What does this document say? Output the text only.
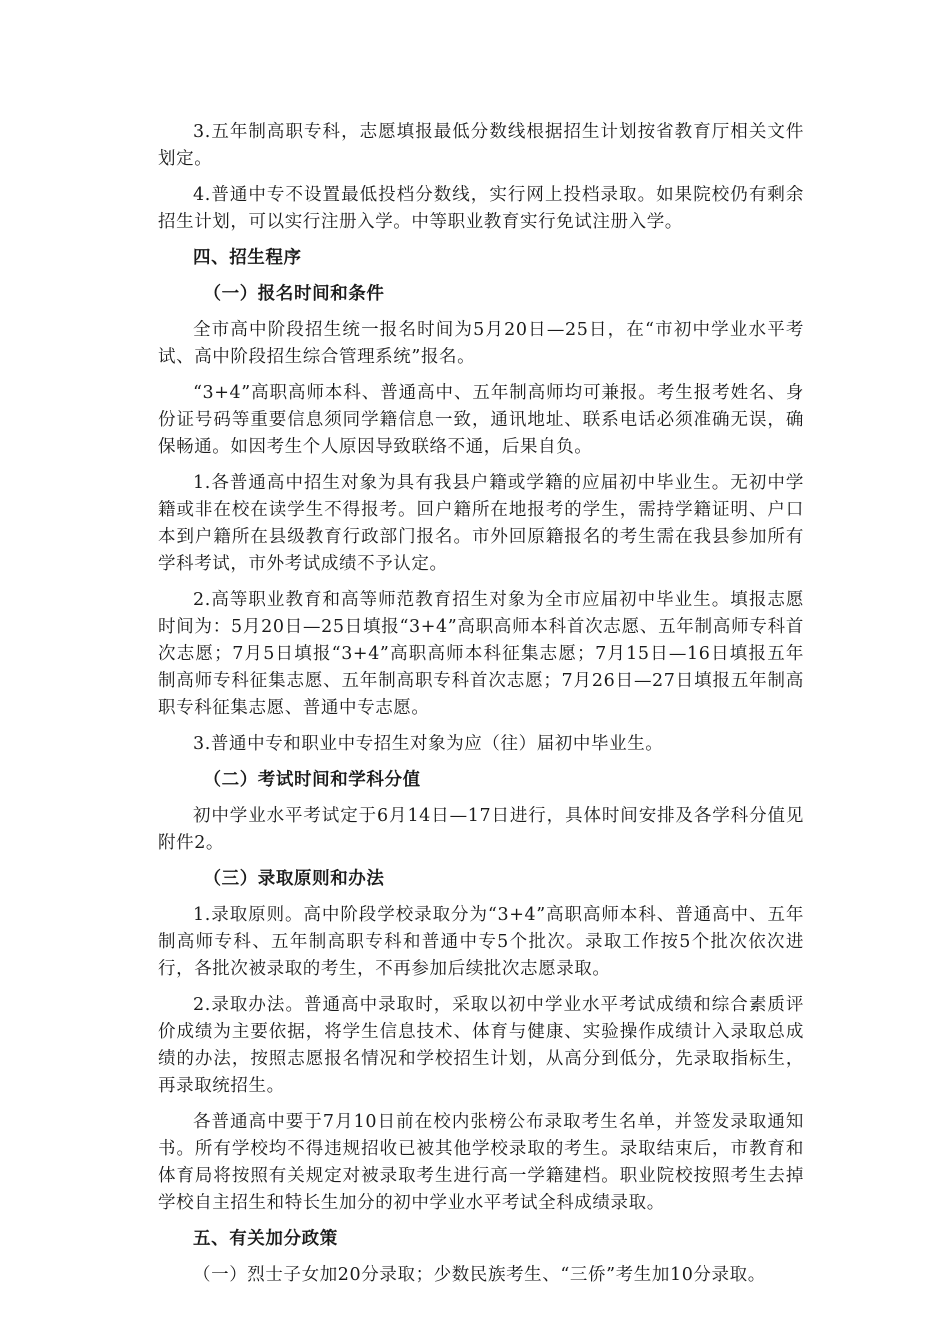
3.五年制高职专科，志愿填报最低分数线根据招生计划按省教育厅相关文件划定。

4.普通中专不设置最低投档分数线，实行网上投档录取。如果院校仍有剩余招生计划，可以实行注册入学。中等职业教育实行免试注册入学。

四、招生程序

（一）报名时间和条件

全市高中阶段招生统一报名时间为5月20日—25日，在“市初中学业水平考试、高中阶段招生综合管理系统”报名。

“3+4”高职高师本科、普通高中、五年制高师均可兼报。考生报考姓名、身份证号码等重要信息须同学籍信息一致，通讯地址、联系电话必须准确无误，确保畅通。如因考生个人原因导致联络不通，后果自负。

1.各普通高中招生对象为具有我县户籍或学籍的应届初中毕业生。无初中学籍或非在校在读学生不得报考。回户籍所在地报考的学生，需持学籍证明、户口本到户籍所在县级教育行政部门报名。市外回原籍报名的考生需在我县参加所有学科考试，市外考试成绩不予认定。

2.高等职业教育和高等师范教育招生对象为全市应届初中毕业生。填报志愿时间为：5月20日—25日填报“3+4”高职高师本科首次志愿、五年制高师专科首次志愿；7月5日填报“3+4”高职高师本科征集志愿；7月15日—16日填报五年制高师专科征集志愿、五年制高职专科首次志愿；7月26日—27日填报五年制高职专科征集志愿、普通中专志愿。

3.普通中专和职业中专招生对象为应（往）届初中毕业生。

（二）考试时间和学科分值

初中学业水平考试定于6月14日—17日进行，具体时间安排及各学科分值见附件2。

（三）录取原则和办法

1.录取原则。高中阶段学校录取分为“3+4”高职高师本科、普通高中、五年制高师专科、五年制高职专科和普通中专5个批次。录取工作按5个批次依次进行，各批次被录取的考生，不再参加后续批次志愿录取。

2.录取办法。普通高中录取时，采取以初中学业水平考试成绩和综合素质评价成绩为主要依据，将学生信息技术、体育与健康、实验操作成绩计入录取总成绩的办法，按照志愿报名情况和学校招生计划，从高分到低分，先录取指标生，再录取统招生。

各普通高中要于7月10日前在校内张榜公布录取考生名单，并签发录取通知书。所有学校均不得违规招收已被其他学校录取的考生。录取结束后，市教育和体育局将按照有关规定对被录取考生进行高一学籍建档。职业院校按照考生去掉学校自主招生和特长生加分的初中学业水平考试全科成绩录取。

五、有关加分政策

（一）烈士子女加20分录取；少数民族考生、“三侨”考生加10分录取。
